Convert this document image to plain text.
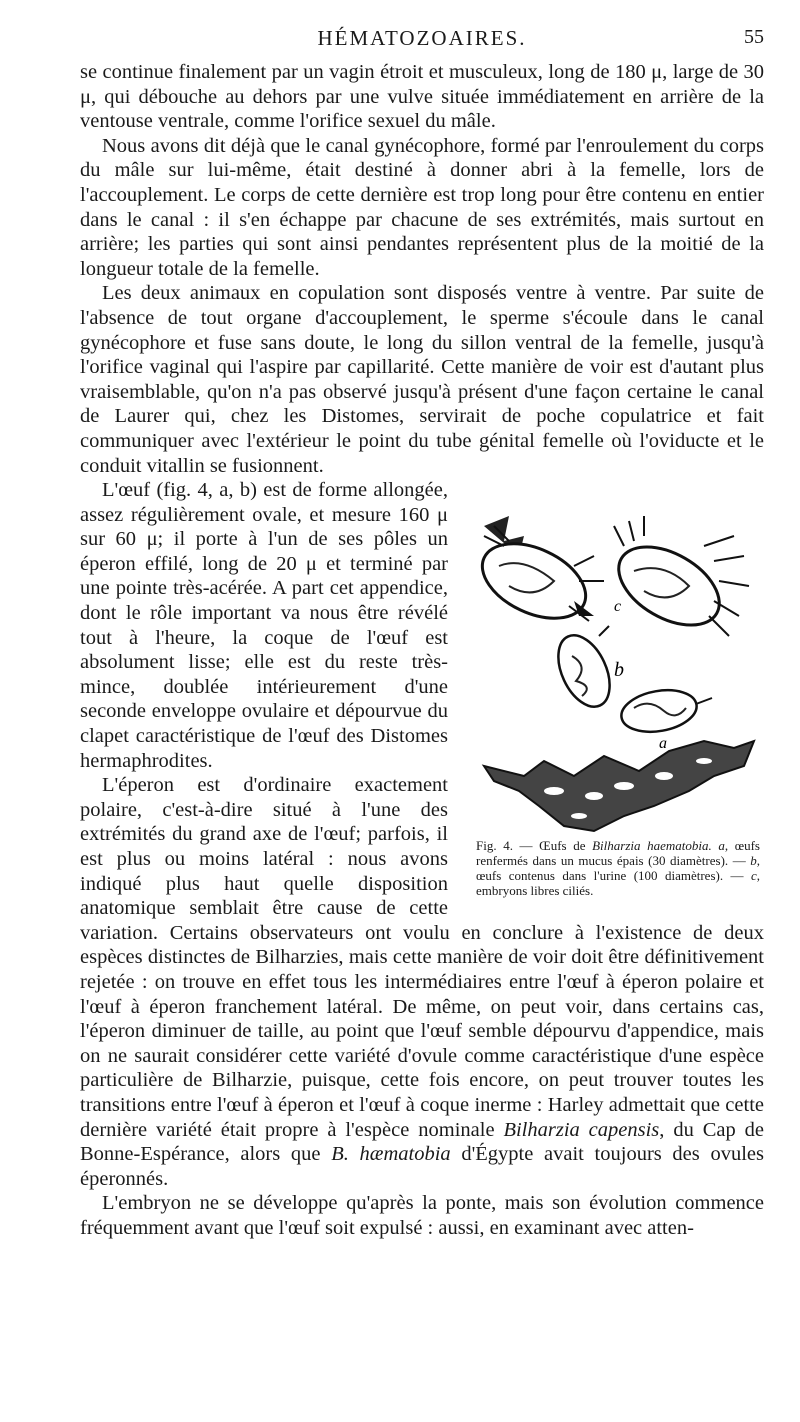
HÉMATOZOAIRES.	55

se continue finalement par un vagin étroit et musculeux, long de 180 μ, large de 30 μ, qui débouche au dehors par une vulve située immédiatement en arrière de la ventouse ventrale, comme l'orifice sexuel du mâle.

Nous avons dit déjà que le canal gynécophore, formé par l'enroulement du corps du mâle sur lui-même, était destiné à donner abri à la femelle, lors de l'accouplement. Le corps de cette dernière est trop long pour être contenu en entier dans le canal : il s'en échappe par chacune de ses extrémités, mais surtout en arrière; les parties qui sont ainsi pendantes représentent plus de la moitié de la longueur totale de la femelle.

Les deux animaux en copulation sont disposés ventre à ventre. Par suite de l'absence de tout organe d'accouplement, le sperme s'écoule dans le canal gynécophore et fuse sans doute, le long du sillon ventral de la femelle, jusqu'à l'orifice vaginal qui l'aspire par capillarité. Cette manière de voir est d'autant plus vraisemblable, qu'on n'a pas observé jusqu'à présent d'une façon certaine le canal de Laurer qui, chez les Distomes, servirait de poche copulatrice et fait communiquer avec l'extérieur le point du tube génital femelle où l'oviducte et le conduit vitallin se fusionnent.

c
b
a
Fig. 4. — Œufs de Bilharzia haematobia. a, œufs renfermés dans un mucus épais (30 diamètres). — b, œufs contenus dans l'urine (100 diamètres). — c, embryons libres ciliés.

L'œuf (fig. 4, a, b) est de forme allongée, assez régulièrement ovale, et mesure 160 μ sur 60 μ; il porte à l'un de ses pôles un éperon effilé, long de 20 μ et terminé par une pointe très-acérée. A part cet appendice, dont le rôle important va nous être révélé tout à l'heure, la coque de l'œuf est absolument lisse; elle est du reste très-mince, doublée intérieurement d'une seconde enveloppe ovulaire et dépourvue du clapet caractéristique de l'œuf des Distomes hermaphrodites.

L'éperon est d'ordinaire exactement polaire, c'est-à-dire situé à l'une des extrémités du grand axe de l'œuf; parfois, il est plus ou moins latéral : nous avons indiqué plus haut quelle disposition anatomique semblait être cause de cette variation. Certains observateurs ont voulu en conclure à l'existence de deux espèces distinctes de Bilharzies, mais cette manière de voir doit être définitivement rejetée : on trouve en effet tous les intermédiaires entre l'œuf à éperon polaire et l'œuf à éperon franchement latéral. De même, on peut voir, dans certains cas, l'éperon diminuer de taille, au point que l'œuf semble dépourvu d'appendice, mais on ne saurait considérer cette variété d'ovule comme caractéristique d'une espèce particulière de Bilharzie, puisque, cette fois encore, on peut trouver toutes les transitions entre l'œuf à éperon et l'œuf à coque inerme : Harley admettait que cette dernière variété était propre à l'espèce nominale Bilharzia capensis, du Cap de Bonne-Espérance, alors que B. hæmatobia d'Égypte avait toujours des ovules éperonnés.

L'embryon ne se développe qu'après la ponte, mais son évolution commence fréquemment avant que l'œuf soit expulsé : aussi, en examinant avec atten-
